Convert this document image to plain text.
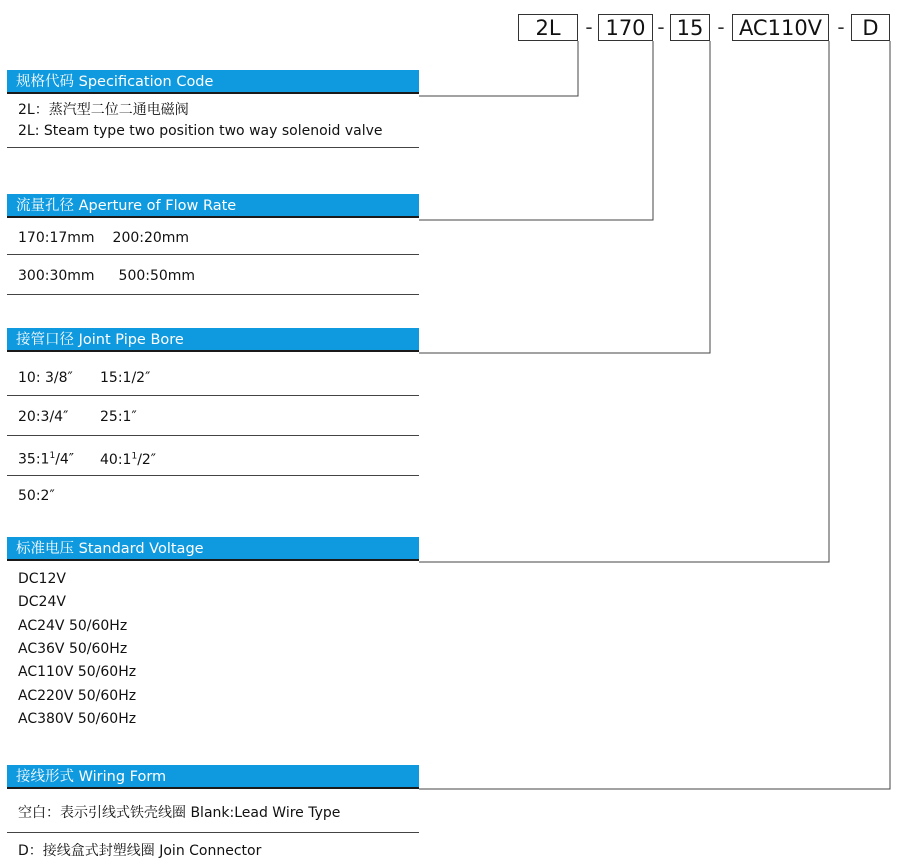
2L	- 170 - 15 - AC110V - D
规格代码 Specification Code
2L：蒸汽型二位二通电磁阀
2L: Steam type two position two way solenoid valve
流量孔径 Aperture of Flow Rate
170:17mm 200:20mm
300:30mm 500:50mm
接管口径 Joint Pipe Bore
10: 3/8″ 15:1/2″
20:3/4″ 25:1″
$35:1^1/4''$ $40:1^1/2''$
50:2″
标准电压 Standard Voltage
DC12V
DC24V
AC24V 50/60Hz
AC36V 50/60Hz
AC110V 50/60Hz
AC220V 50/60Hz
AC380V 50/60Hz
接线形式 Wiring Form
空白：表示引线式铁壳线圈 Blank:Lead Wire Type
D：接线盒式封塑线圈 Join Connector
